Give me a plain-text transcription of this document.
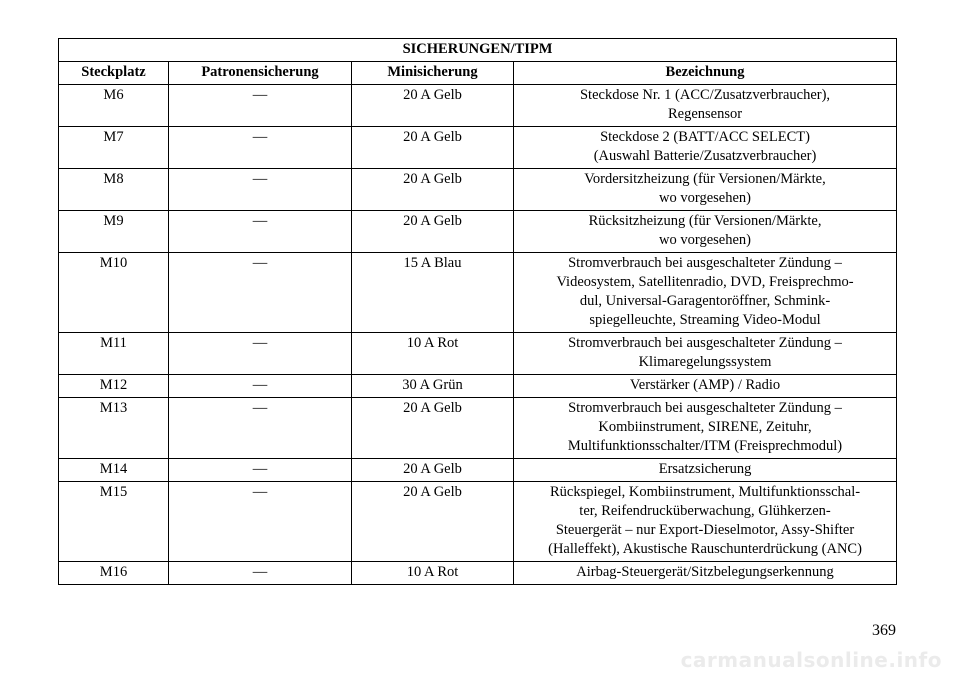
SICHERUNGEN/TIPM			
Steckplatz	Patronensicherung	Minisicherung	Bezeichnung
M6	—	20 A Gelb	Steckdose Nr. 1 (ACC/Zusatzverbraucher),
Regensensor

M7	—	20 A Gelb	Steckdose 2 (BATT/ACC SELECT)
(Auswahl Batterie/Zusatzverbraucher)

M8	—	20 A Gelb	Vordersitzheizung (für Versionen/Märkte,
wo vorgesehen)

M9	—	20 A Gelb	Rücksitzheizung (für Versionen/Märkte,
wo vorgesehen)

M10	—	15 A Blau	Stromverbrauch bei ausgeschalteter Zündung –
Videosystem, Satellitenradio, DVD, Freisprechmo-
dul, Universal-Garagentoröffner, Schmink-
spiegelleuchte, Streaming Video-Modul

M11	—	10 A Rot	Stromverbrauch bei ausgeschalteter Zündung –
Klimaregelungssystem

M12	—	30 A Grün	Verstärker (AMP) / Radio

M13	—	20 A Gelb	Stromverbrauch bei ausgeschalteter Zündung –
Kombiinstrument, SIRENE, Zeituhr,
Multifunktionsschalter/ITM (Freisprechmodul)

M14	—	20 A Gelb	Ersatzsicherung

M15	—	20 A Gelb	Rückspiegel, Kombiinstrument, Multifunktionsschal-
ter, Reifendrucküberwachung, Glühkerzen-
Steuergerät – nur Export-Dieselmotor, Assy-Shifter
(Halleffekt), Akustische Rauschunterdrückung (ANC)

M16	—	10 A Rot	Airbag-Steuergerät/Sitzbelegungserkennung
369
carmanualsonline.info
